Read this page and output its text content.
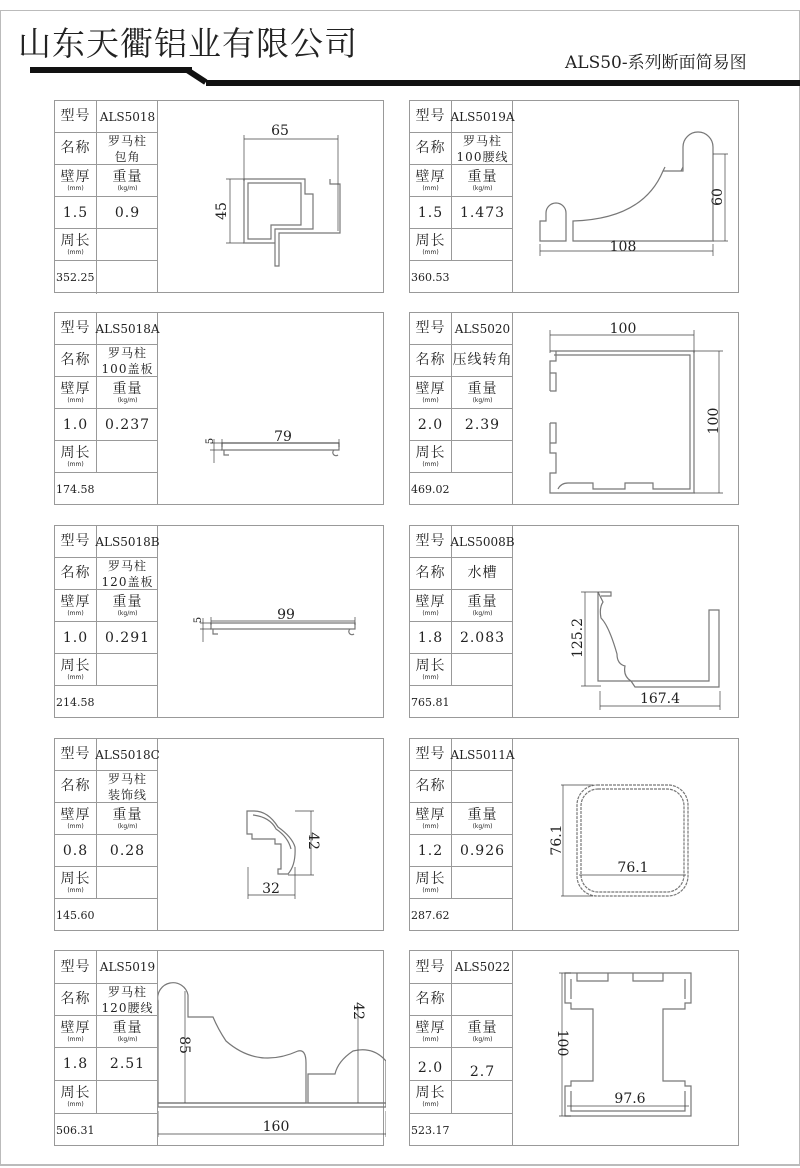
山东天衢铝业有限公司	ALS50-系列断面简易图
型号 ALS5018
名称 罗马柱
包角
壁厚
(mm)
重量
(kg/m)
1.5 0.9
周长
(mm)
352.25
65
45
型号 ALS5019A
名称 罗马柱
100腰线
壁厚
(mm)
重量
(kg/m)
1.5 1.473
周长
(mm)
360.53
108
60
型号 ALS5018A
名称 罗马柱
100盖板
壁厚
(mm)
重量
(kg/m)
1.0 0.237
周长
(mm)
174.58
79
5
型号 ALS5020
名称 压线转角
壁厚
(mm)
重量
(kg/m)
2.0 2.39
周长
(mm)
469.02
100
100
型号 ALS5018B
名称 罗马柱
120盖板
壁厚
(mm)
重量
(kg/m)
1.0 0.291
周长
(mm)
214.58
99
5
型号 ALS5008B
名称 水槽
壁厚
(mm)
重量
(kg/m)
1.8 2.083
周长
(mm)
765.81	167.4
125.2
型号 ALS5018C
名称 罗马柱
装饰线
壁厚
(mm)
重量
(kg/m)
0.8 0.28
周长
(mm)
145.60
32
42
型号 ALS5011A
名称
壁厚
(mm)
重量
(kg/m)
1.2 0.926
周长
(mm)
287.62
76.1
76.1
型号 ALS5019
名称 罗马柱
120腰线
壁厚
(mm)
重量
(kg/m)
1.8 2.51
周长
(mm)
506.31	160
85
42
型号 ALS5022
名称
壁厚
(mm)
重量
(kg/m)
2.0 2.7
周长
(mm)
523.17
97.6
100
